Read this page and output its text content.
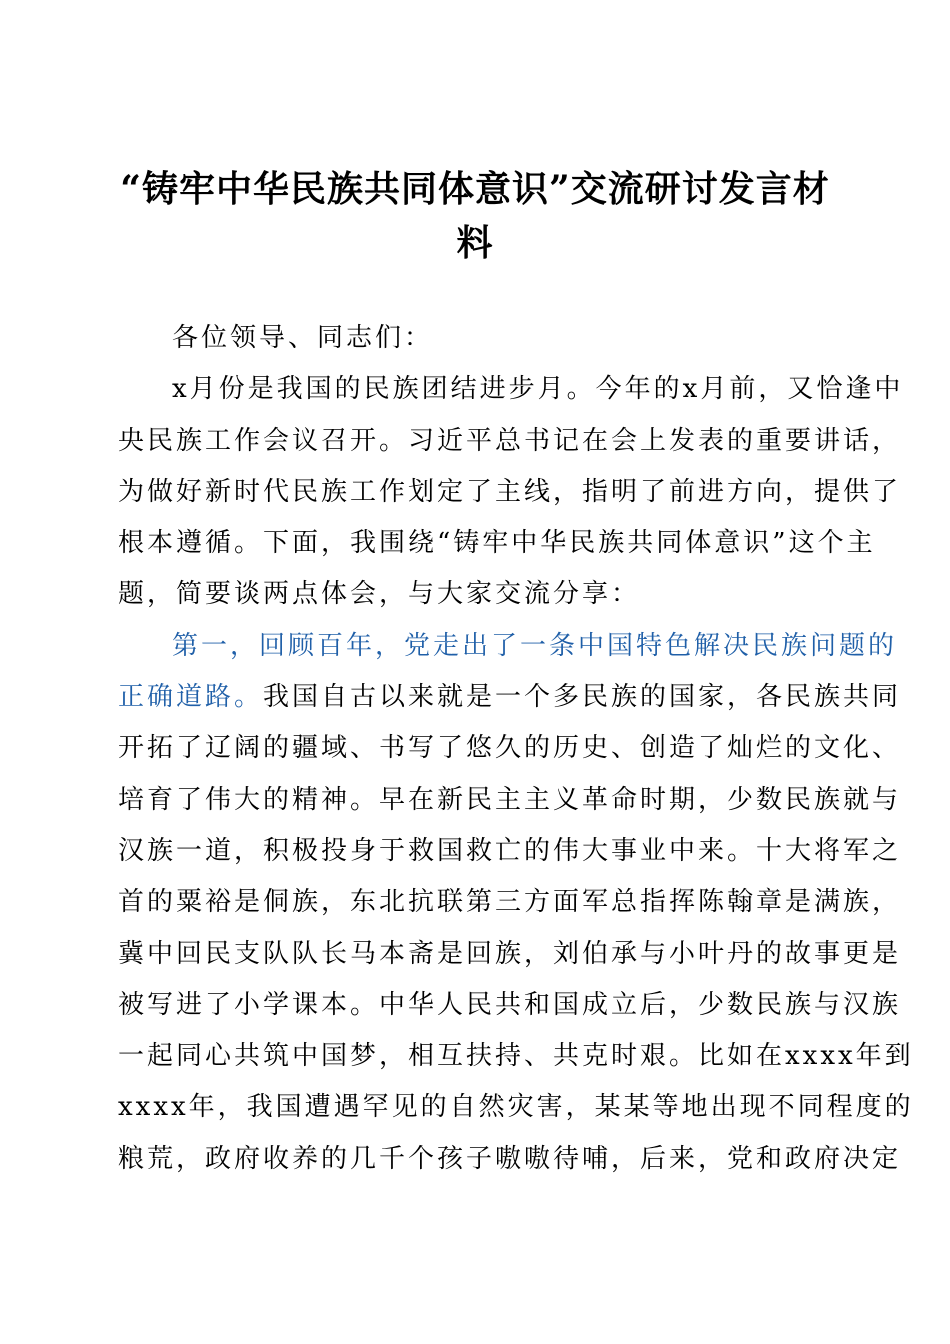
“铸牢中华民族共同体意识”交流研讨发言材料
各位领导、同志们：
x月份是我国的民族团结进步月。今年的x月前，又恰逢中
央民族工作会议召开。习近平总书记在会上发表的重要讲话，
为做好新时代民族工作划定了主线，指明了前进方向，提供了
根本遵循。下面，我围绕“铸牢中华民族共同体意识”这个主
题，简要谈两点体会，与大家交流分享：
第一，回顾百年，党走出了一条中国特色解决民族问题的
正确道路。我国自古以来就是一个多民族的国家，各民族共同
开拓了辽阔的疆域、书写了悠久的历史、创造了灿烂的文化、
培育了伟大的精神。早在新民主主义革命时期，少数民族就与
汉族一道，积极投身于救国救亡的伟大事业中来。十大将军之
首的粟裕是侗族，东北抗联第三方面军总指挥陈翰章是满族，
冀中回民支队队长马本斋是回族，刘伯承与小叶丹的故事更是
被写进了小学课本。中华人民共和国成立后，少数民族与汉族
一起同心共筑中国梦，相互扶持、共克时艰。比如在xxxx年到
xxxx年，我国遭遇罕见的自然灾害，某某等地出现不同程度的
粮荒，政府收养的几千个孩子嗷嗷待哺，后来，党和政府决定
